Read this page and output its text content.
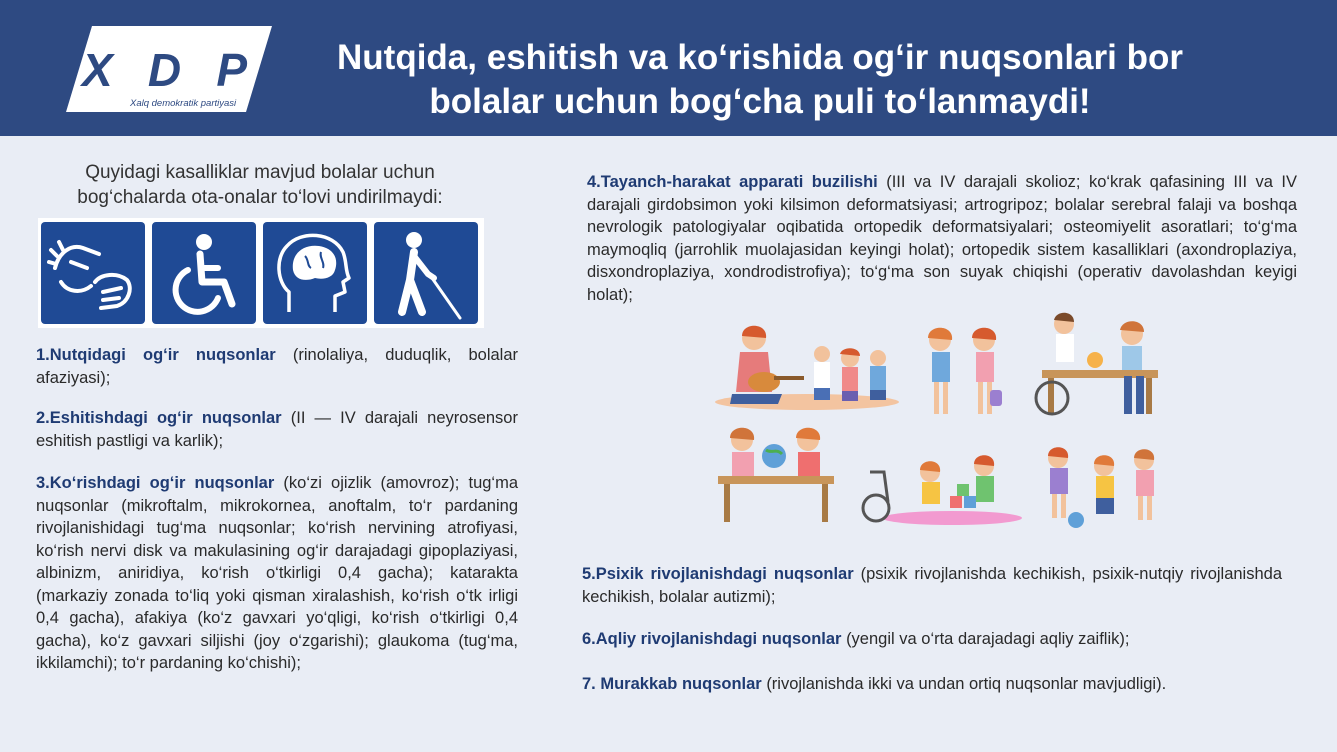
O‘zbekiston
XDP
Xalq demokratik partiyasi
Nutqida, eshitish va ko‘rishida og‘ir nuqsonlari bor
bolalar uchun bog‘cha puli to‘lanmaydi!
Quyidagi kasalliklar mavjud bolalar uchun
bog‘chalarda ota-onalar to‘lovi undirilmaydi:
1.Nutqidagi og‘ir nuqsonlar (rinolaliya, duduqlik, bolalar afaziyasi);
2.Eshitishdagi og‘ir nuqsonlar (II — IV darajali neyrosensor eshitish pastligi va karlik);
3.Ko‘rishdagi og‘ir nuqsonlar (ko‘zi ojizlik (amovroz); tug‘ma nuqsonlar (mikroftalm, mikrokornea, anoftalm, to‘r pardaning rivojlanishidagi tug‘ma nuqsonlar; ko‘rish nervining atrofiyasi, ko‘rish nervi disk va makulasining og‘ir darajadagi gipoplaziyasi, albinizm, aniridiya, ko‘rish o‘tkirligi 0,4 gacha); katarakta (markaziy zonada to‘liq yoki qisman xiralashish, ko‘rish o‘tk irligi 0,4 gacha), afakiya (ko‘z gavxari yo‘qligi, ko‘rish o‘tkirligi 0,4 gacha), ko‘z gavxari siljishi (joy o‘zgarishi); glaukoma (tug‘ma, ikkilamchi); to‘r pardaning ko‘chishi);
4.Tayanch-harakat apparati buzilishi (III va IV darajali skolioz; ko‘krak qafasining III va IV darajali girdobsimon yoki kilsimon deformatsiyasi; artrogripoz; bolalar serebral falaji va boshqa nevrologik patologiyalar oqibatida ortopedik deformatsiyalari; osteomiyelit asoratlari; to‘g‘ma maymoqliq (jarrohlik muolajasidan keyingi holat); ortopedik sistem kasalliklari (axondroplaziya, disxondroplaziya, xondrodistrofiya); to‘g‘ma son suyak chiqishi (operativ davolashdan keyigi holat);
5.Psixik rivojlanishdagi nuqsonlar (psixik rivojlanishda kechikish, psixik-nutqiy rivojlanishda kechikish, bolalar autizmi);
6.Aqliy rivojlanishdagi nuqsonlar (yengil va o‘rta darajadagi aqliy zaiflik);
7. Murakkab nuqsonlar (rivojlanishda ikki va undan ortiq nuqsonlar mavjudligi).
